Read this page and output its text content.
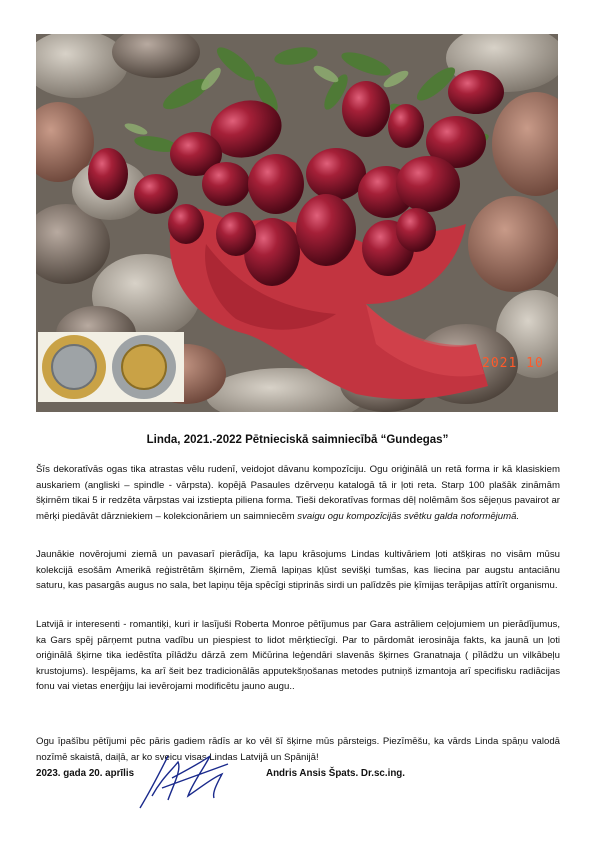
2021 10
Linda, 2021.-2022 Pētnieciskā saimniecībā “Gundegas”

Šīs dekoratīvās ogas tika atrastas vēlu rudenī, veidojot dāvanu kompozīciju. Ogu oriģinālā un retā forma ir kā klasiskiem auskariem (angliski – spindle - vārpsta). kopējā Pasaules dzērveņu katalogā tā ir ļoti reta. Starp 100 plašāk zināmām šķirnēm tikai 5 ir redzēta vārpstas vai izstiepta piliena forma. Tieši dekoratīvas formas dēļ nolēmām šos sējeņus pavairot ar mērķi piedāvāt dārzniekiem – kolekcionāriem un saimniecēm svaigu ogu kompozīcijās svētku galda noformējumā.

Jaunākie novērojumi ziemā un pavasarī pierādīja, ka lapu krāsojums Lindas kultivāriem ļoti atšķiras no visām mūsu kolekcijā esošām Amerikā reģistrētām šķirnēm, Ziemā lapiņas kļūst sevišķi tumšas, kas liecina par augstu antaciānu saturu, kas pasargās augus no sala, bet lapiņu tēja spēcīgi stiprinās sirdi un palīdzēs pie ķīmijas terāpijas attīrīt organismu.

Latvijā ir interesenti - romantiķi, kuri ir lasījuši Roberta Monroe pētījumus par Gara astrāliem ceļojumiem un pierādījumus, ka Gars spēj pārņemt putna vadību un piespiest to lidot mērķtiecīgi. Par to pārdomāt ierosināja fakts, ka jaunā un ļoti oriģinālā šķirne tika iedēstīta pīlādžu dārzā zem Mičūrina leģendāri slavenās šķirnes Granatnaja ( pīlādžu un vilkābeļu krustojums). Iespējams, ka arī šeit bez tradicionālās apputekšņošanas metodes putniņš izmantoja arī specifisku radiācijas fonu vai vietas enerģiju lai ievērojami modificētu jauno augu..

Ogu īpašību pētījumi pēc pāris gadiem rādīs ar ko vēl šī šķirne mūs pārsteigs. Piezīmēšu, ka vārds Linda spāņu valodā nozīmē skaistā, daiļā, ar ko sveicu visas Lindas Latvijā un Spānijā!

2023. gada 20. aprīlis	Andris Ansis Špats. Dr.sc.ing.
